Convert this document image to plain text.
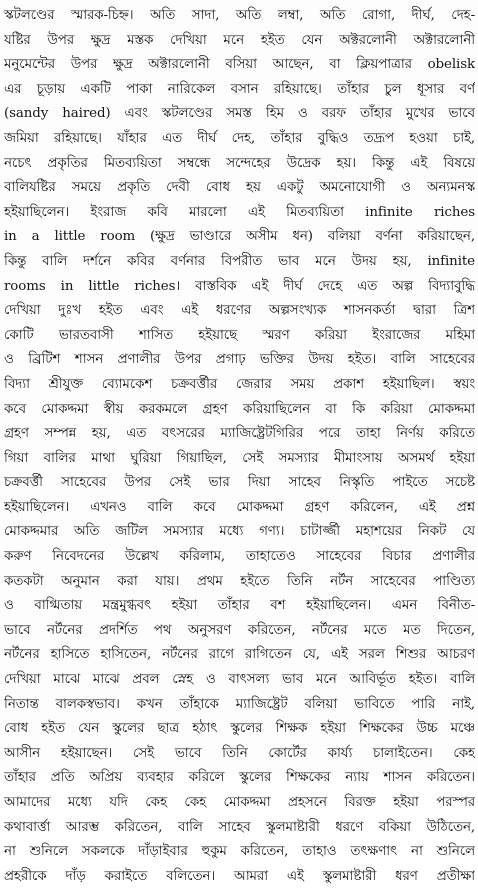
স্কটলণ্ডের স্মারক-চিহ্ন। অতি সাদা, অতি লম্বা, অতি রোগা, দীর্ঘ, দেহ-
যষ্টির উপর ক্ষুদ্র মস্তক দেখিয়া মনে হইত যেন অক্টরলোনী অক্টারলোনী
মনুমেন্টের উপর ক্ষুদ্র অক্টারলোনী বসিয়া আছেন, বা ক্লিয়পাত্রার obelisk
এর চূড়ায় একটি পাকা নারিকেল বসান রহিয়াছে। তাঁহার চুল ধূসার বর্ণ
(sandy haired) এবং স্কটলণ্ডের সমস্ত হিম ও বরফ তাঁহার মুখের ভাবে
জমিয়া রহিয়াছে। যাঁহার এত দীর্ঘ দেহ, তাঁহার বুদ্ধিও তদ্রূপ হওয়া চাই,
নচেৎ প্রকৃতির মিতব্যয়িতা সম্বন্ধে সন্দেহের উদ্রেক হয়। কিন্তু এই বিষয়ে
বালিযষ্টির সময়ে প্রকৃতি দেবী বোধ হয় একটু অমনোযোগী ও অন্যমনস্ক
হইয়াছিলেন। ইংরাজ কবি মারলো এই মিতব্যয়িতা infinite riches
in a little room (ক্ষুদ্র ভাণ্ডারে অসীম ধন) বলিয়া বর্ণনা করিয়াছেন,
কিন্তু বালি দর্শনে কবির বর্ণনার বিপরীত ভাব মনে উদয় হয়, infinite
rooms in little riches। বাস্তবিক এই দীর্ঘ দেহে এত অল্প বিদ্যাবুদ্ধি
দেখিয়া দুঃখ হইত এবং এই ধরণের অল্পসংখ্যক শাসনকর্তা দ্বারা ত্রিশ
কোটি ভারতবাসী শাসিত হইয়াছে স্মরণ করিয়া ইংরাজের মহিমা
ও ব্রিটিশ শাসন প্রণালীর উপর প্রগাঢ় ভক্তির উদয় হইত। বালি সাহেবের
বিদ্যা শ্রীযুক্ত ব্যোমকেশ চক্রবর্ত্তীর জেরার সময় প্রকাশ হইয়াছিল। স্বয়ং
কবে মোকদ্দমা স্বীয় করকমলে গ্রহণ করিয়াছিলেন বা কি করিয়া মোকদ্দমা
গ্রহণ সম্পন্ন হয়, এত বৎসরের ম্যাজিষ্ট্রেটগিরির পরে তাহা নির্ণয় করিতে
গিয়া বালির মাথা ঘুরিয়া গিয়াছিল, সেই সমস্যার মীমাংসায় অসমর্থ হইয়া
চক্রবর্ত্তী সাহেবের উপর সেই ভার দিয়া সাহেব নিস্কৃতি পাইতে সচেষ্ট
হইয়াছিলেন। এখনও বালি কবে মোকদ্দমা গ্রহণ করিলেন, এই প্রশ্ন
মোকদ্দমার অতি জটিল সমস্যার মধ্যে গণ্য। চাটার্জ্জী মহাশয়ের নিকট যে
করুণ নিবেদনের উল্লেখ করিলাম, তাহাতেও সাহেবের বিচার প্রণালীর
কতকটা অনুমান করা যায়। প্রথম হইতে তিনি নর্টন সাহেবের পাণ্ডিত্য
ও বাগ্মিতায় মন্ত্রমুগ্ধবৎ হইয়া তাঁহার বশ হইয়াছিলেন। এমন বিনীত-
ভাবে নর্টনের প্রদর্শিত পথ অনুসরণ করিতেন, নর্টনের মতে মত দিতেন,
নর্টনের হাসিতে হাসিতেন, নর্টনের রাগে রাগিতেন যে, এই সরল শিশুর আচরণ
দেখিয়া মাঝে মাঝে প্রবল স্নেহ ও বাৎসল্য ভাব মনে আবির্ভূত হইত। বালি
নিতান্ত বালকস্বভাব। কখন তাঁহাকে ম্যাজিষ্ট্রেট বলিয়া ভাবিতে পারি নাই,
বোধ হইত যেন স্কুলের ছাত্র হঠাৎ স্কুলের শিক্ষক হইয়া শিক্ষকের উচ্চ মঞ্চে
আসীন হইয়াছেন। সেই ভাবে তিনি কোর্টের কার্য্য চালাইতেন। কেহ
তাঁহার প্রতি অপ্রিয় ব্যবহার করিলে স্কুলের শিক্ষকের ন্যায় শাসন করিতেন।
আমাদের মধ্যে যদি কেহ কেহ মোকদ্দমা প্রহসনে বিরক্ত হইয়া পরস্পর
কথাবার্ত্তা আরম্ভ করিতেন, বালি সাহেব স্কুলমাষ্টারী ধরণে বকিয়া উঠিতেন,
না শুনিলে সকলকে দাঁড়াইবার হুকুম করিতেন, তাহাও তৎক্ষণাৎ না শুনিলে
প্রহরীকে দাঁড় করাইতে বলিতেন। আমরা এই স্কুলমাষ্টারী ধরণ প্রতীক্ষা
